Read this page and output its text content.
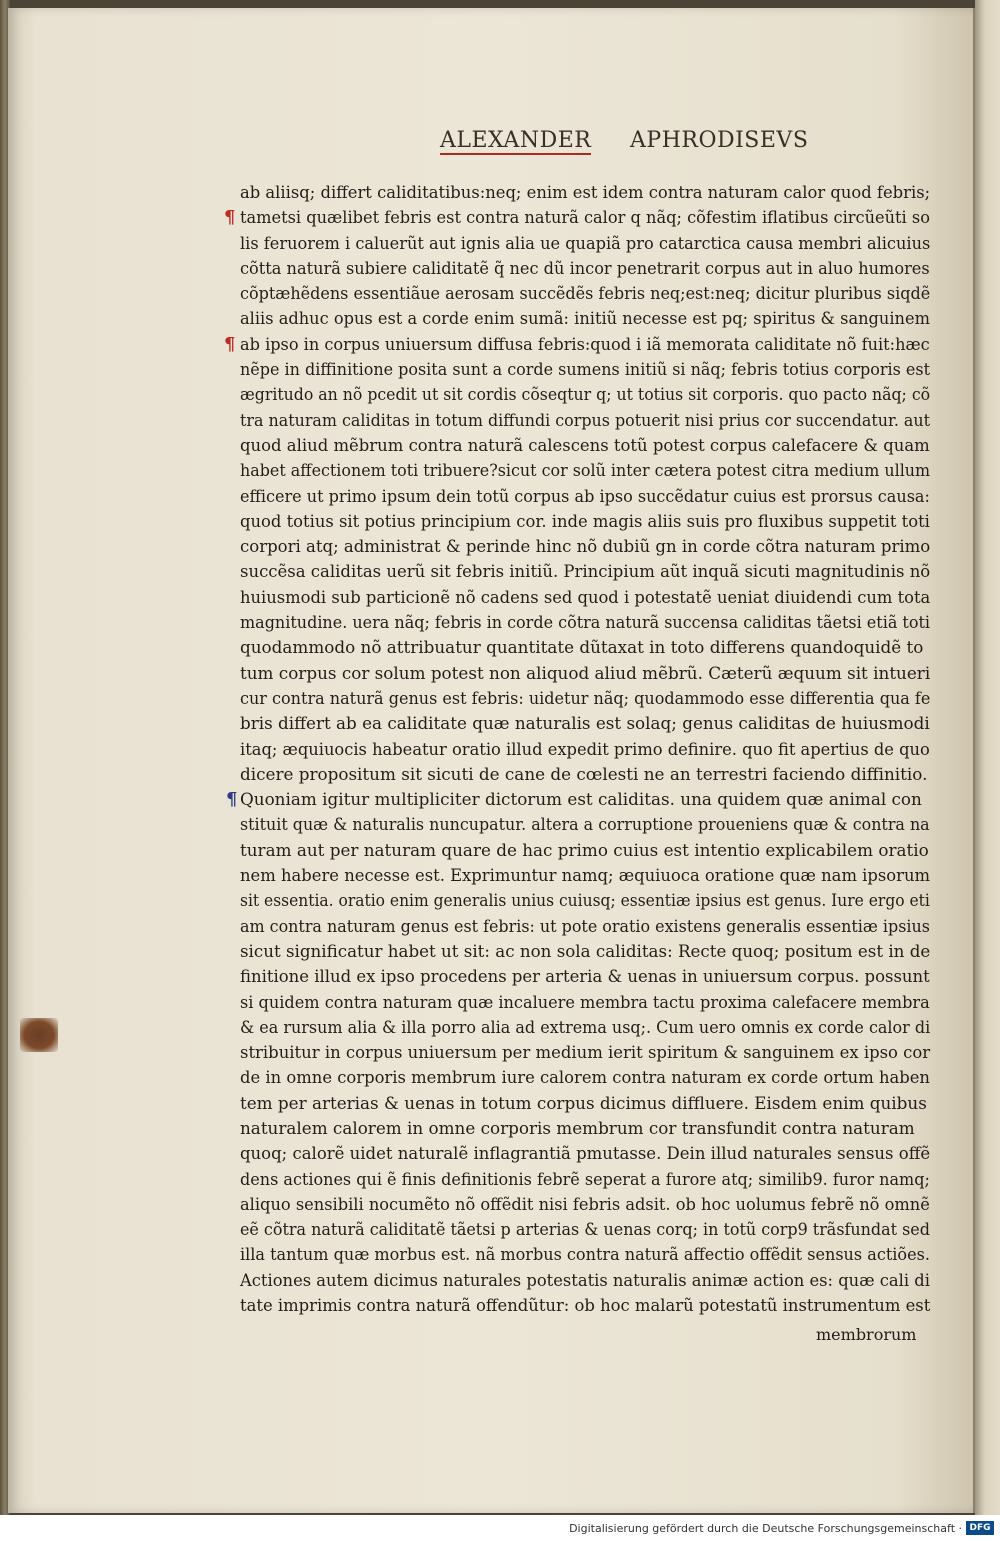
ALEXANDER APHRODISEVS
ab aliisq; differt caliditatibus:neq; enim est idem contra naturam calor quod febris;
¶ tametsi quælibet febris est contra naturã calor q nãq; cõfestim iflatibus circũeũti so
lis feruorem i caluerũt aut ignis alia ue quapiã pro catarctica causa membri alicuius
cõtta naturã subiere caliditatẽ q̃ nec dũ incor penetrarit corpus aut in aluo humores
cõptæhẽdens essentiãue aerosam succẽdẽs febris neq;est:neq; dicitur pluribus siqdẽ
aliis adhuc opus est a corde enim sumã: initiũ necesse est pq; spiritus & sanguinem
¶ ab ipso in corpus uniuersum diffusa febris:quod i iã memorata caliditate nõ fuit:hæc
nẽpe in diffinitione posita sunt a corde sumens initiũ si nãq; febris totius corporis est
ægritudo an nõ pcedit ut sit cordis cõseqtur q; ut totius sit corporis. quo pacto nãq; cõ
tra naturam caliditas in totum diffundi corpus potuerit nisi prius cor succendatur. aut
quod aliud mẽbrum contra naturã calescens totũ potest corpus calefacere & quam
habet affectionem toti tribuere?sicut cor solũ inter cætera potest citra medium ullum
efficere ut primo ipsum dein totũ corpus ab ipso succẽdatur cuius est prorsus causa:
quod totius sit potius principium cor. inde magis aliis suis pro fluxibus suppetit toti
corpori atq; administrat & perinde hinc nõ dubiũ gn in corde cõtra naturam primo
succẽsa caliditas uerũ sit febris initiũ. Principium aũt inquã sicuti magnitudinis nõ
huiusmodi sub particionẽ nõ cadens sed quod i potestatẽ ueniat diuidendi cum tota
magnitudine. uera nãq; febris in corde cõtra naturã succensa caliditas tãetsi etiã toti
quodammodo nõ attribuatur quantitate dũtaxat in toto differens quandoquidẽ to
tum corpus cor solum potest non aliquod aliud mẽbrũ. Cæterũ æquum sit intueri
cur contra naturã genus est febris: uidetur nãq; quodammodo esse differentia qua fe
bris differt ab ea caliditate quæ naturalis est solaq; genus caliditas de huiusmodi
itaq; æquiuocis habeatur oratio illud expedit primo definire. quo fit apertius de quo
dicere propositum sit sicuti de cane de cœlesti ne an terrestri faciendo diffinitio.
¶ Quoniam igitur multipliciter dictorum est caliditas. una quidem quæ animal con
stituit quæ & naturalis nuncupatur. altera a corruptione proueniens quæ & contra na
turam aut per naturam quare de hac primo cuius est intentio explicabilem oratio
nem habere necesse est. Exprimuntur namq; æquiuoca oratione quæ nam ipsorum
sit essentia. oratio enim generalis unius cuiusq; essentiæ ipsius est genus. Iure ergo eti
am contra naturam genus est febris: ut pote oratio existens generalis essentiæ ipsius
sicut significatur habet ut sit: ac non sola caliditas: Recte quoq; positum est in de
finitione illud ex ipso procedens per arteria & uenas in uniuersum corpus. possunt
si quidem contra naturam quæ incaluere membra tactu proxima calefacere membra
& ea rursum alia & illa porro alia ad extrema usq;. Cum uero omnis ex corde calor di
stribuitur in corpus uniuersum per medium ierit spiritum & sanguinem ex ipso cor
de in omne corporis membrum iure calorem contra naturam ex corde ortum haben
tem per arterias & uenas in totum corpus dicimus diffluere. Eisdem enim quibus
naturalem calorem in omne corporis membrum cor transfundit contra naturam
quoq; calorẽ uidet naturalẽ inflagrantiã pmutasse. Dein illud naturales sensus offẽ
dens actiones qui ẽ finis definitionis febrẽ seperat a furore atq; similib9. furor namq;
aliquo sensibili nocumẽto nõ offẽdit nisi febris adsit. ob hoc uolumus febrẽ nõ omnẽ
eẽ cõtra naturã caliditatẽ tãetsi p arterias & uenas corq; in totũ corp9 trãsfundat sed
illa tantum quæ morbus est. nã morbus contra naturã affectio offẽdit sensus actiões.
Actiones autem dicimus naturales potestatis naturalis animæ action es: quæ cali di
tate imprimis contra naturã offendũtur: ob hoc malarũ potestatũ instrumentum est
membrorum
Digitalisierung gefördert durch die Deutsche Forschungsgemeinschaft · DFG
